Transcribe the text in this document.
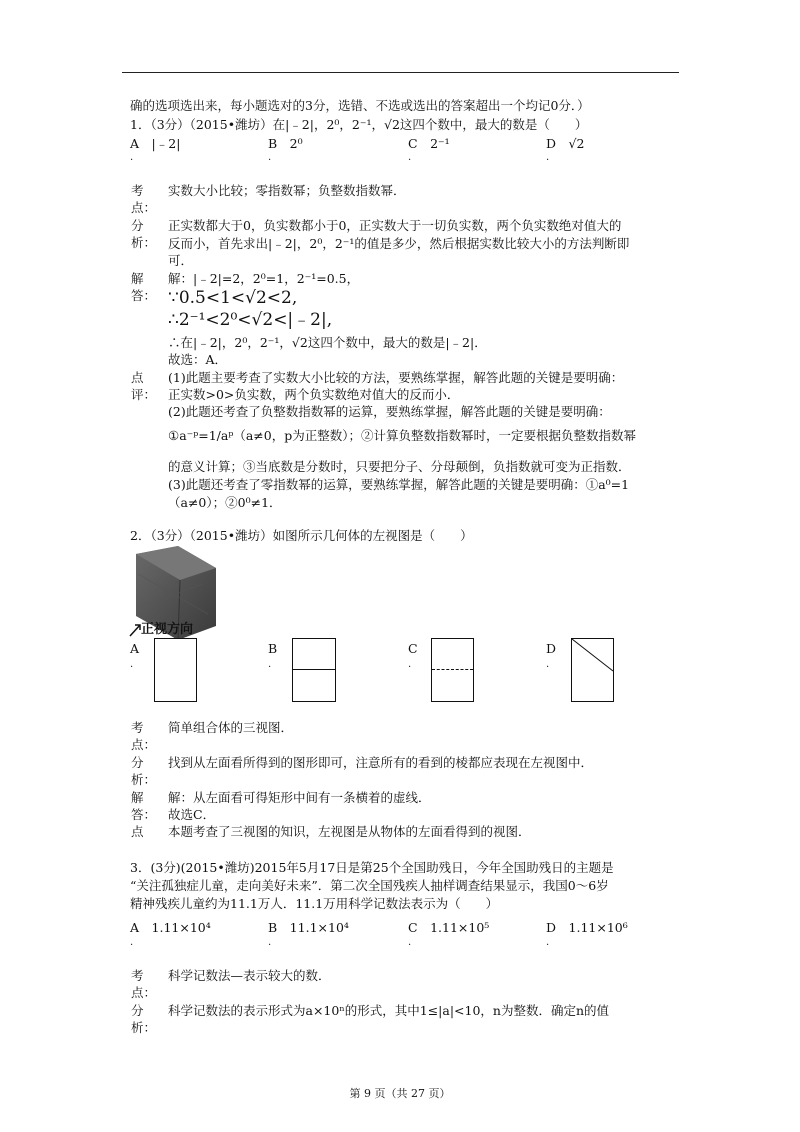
确的选项选出来，每小题选对的3分，选错、不选或选出的答案超出一个均记0分．）
1．（3分）（2015•潍坊）在|﹣2|，2⁰，2⁻¹，√2这四个数中，最大的数是（　　）
A　|﹣2|	B　2⁰	C　2⁻¹	D　√2
.	.	.	.
考
点：
实数大小比较；零指数幂；负整数指数幂．
分
析：
正实数都大于0，负实数都小于0，正实数大于一切负实数，两个负实数绝对值大的
反而小，首先求出|﹣2|，2⁰，2⁻¹的值是多少，然后根据实数比较大小的方法判断即
可．
解
答：
解：|﹣2|=2，2⁰=1，2⁻¹=0.5，
∵0.5<1<√2<2,
∴2⁻¹<2⁰<√2<|﹣2|,
∴在|﹣2|，2⁰，2⁻¹，√2这四个数中，最大的数是|﹣2|．
故选：A．
点
评：
(1)此题主要考查了实数大小比较的方法，要熟练掌握，解答此题的关键是要明确：
正实数>0>负实数，两个负实数绝对值大的反而小．
(2)此题还考查了负整数指数幂的运算，要熟练掌握，解答此题的关键是要明确：
①a⁻ᵖ=1/aᵖ（a≠0，p为正整数）；②计算负整数指数幂时，一定要根据负整数指数幂
的意义计算；③当底数是分数时，只要把分子、分母颠倒，负指数就可变为正指数．
(3)此题还考查了零指数幂的运算，要熟练掌握，解答此题的关键是要明确：①a⁰=1
（a≠0）；②0⁰≠1．
2．（3分）（2015•潍坊）如图所示几何体的左视图是（　　）
正视方向
A	B	C	D
.	.	.	.
考
点：
简单组合体的三视图．
分
析：
找到从左面看所得到的图形即可，注意所有的看到的棱都应表现在左视图中．
解
答：
解：从左面看可得矩形中间有一条横着的虚线．
故选C．
点	本题考查了三视图的知识，左视图是从物体的左面看得到的视图．
3．(3分)(2015•潍坊)2015年5月17日是第25个全国助残日，今年全国助残日的主题是
“关注孤独症儿童，走向美好未来”．第二次全国残疾人抽样调查结果显示，我国0～6岁
精神残疾儿童约为11.1万人．11.1万用科学记数法表示为（　　）
A　1.11×10⁴	B　11.1×10⁴	C　1.11×10⁵	D　1.11×10⁶
.	.	.	.
考
点：
科学记数法—表示较大的数．
分
析：
科学记数法的表示形式为a×10ⁿ的形式，其中1≤|a|<10，n为整数．确定n的值
第 9 页（共 27 页）
